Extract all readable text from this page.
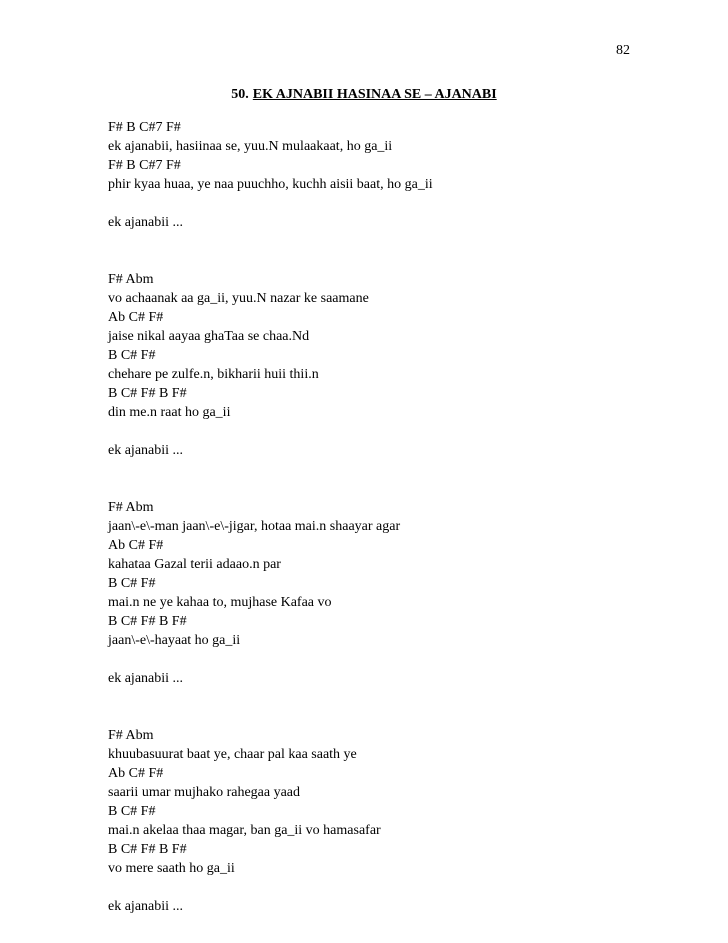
82
50. EK AJNABII HASINAA SE – AJANABI
F# B C#7 F#
ek ajanabii, hasiinaa se, yuu.N mulaakaat, ho ga_ii
F# B C#7 F#
phir kyaa huaa, ye naa puuchho, kuchh aisii baat, ho ga_ii
ek ajanabii ...
F# Abm
vo achaanak aa ga_ii, yuu.N nazar ke saamane
Ab C# F#
jaise nikal aayaa ghaTaa se chaa.Nd
B C# F#
chehare pe zulfe.n, bikharii huii thii.n
B C# F# B F#
din me.n raat ho ga_ii
ek ajanabii ...
F# Abm
jaan\-e\-man jaan\-e\-jigar, hotaa mai.n shaayar agar
Ab C# F#
kahataa Gazal terii adaao.n par
B C# F#
mai.n ne ye kahaa to, mujhase Kafaa vo
B C# F# B F#
jaan\-e\-hayaat ho ga_ii
ek ajanabii ...
F# Abm
khuubasuurat baat ye, chaar pal kaa saath ye
Ab C# F#
saarii umar mujhako rahegaa yaad
B C# F#
mai.n akelaa thaa magar, ban ga_ii vo hamasafar
B C# F# B F#
vo mere saath ho ga_ii
ek ajanabii ...
